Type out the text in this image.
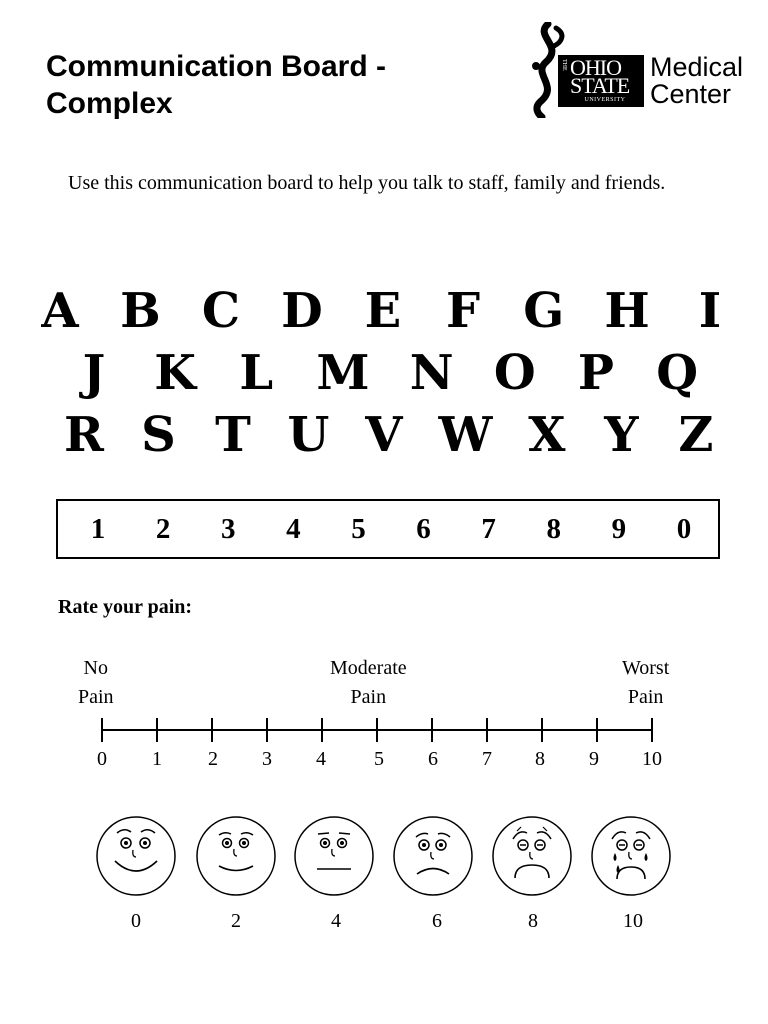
Communication Board -
Complex
THE OHIO
STATE
UNIVERSITY
Medical
Center

Use this communication board to help you talk to staff, family and friends.

A B C D E F G H I
J K L M N O P Q
R S T U V W X Y Z
1 2 3 4 5 6 7 8 9 0
Rate your pain:
No
Pain
Moderate
Pain
Worst
Pain
0	1	2	3	4	5	6	7	8	9	10
0	2	4	6	8	10
